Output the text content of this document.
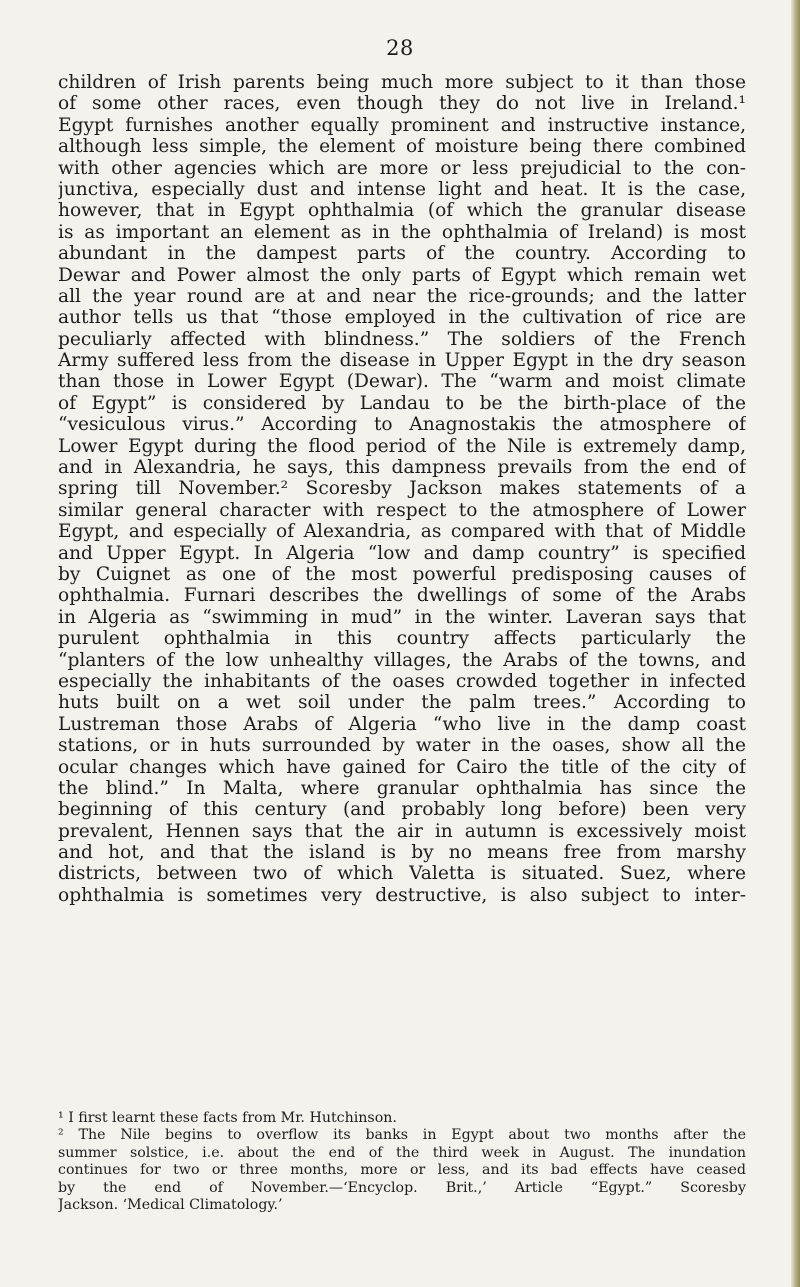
28
children of Irish parents being much more subject to it than those
of some other races, even though they do not live in Ireland.¹
Egypt furnishes another equally prominent and instructive instance,
although less simple, the element of moisture being there combined
with other agencies which are more or less prejudicial to the con-
junctiva, especially dust and intense light and heat. It is the case,
however, that in Egypt ophthalmia (of which the granular disease
is as important an element as in the ophthalmia of Ireland) is most
abundant in the dampest parts of the country. According to
Dewar and Power almost the only parts of Egypt which remain wet
all the year round are at and near the rice-grounds; and the latter
author tells us that “those employed in the cultivation of rice are
peculiarly affected with blindness.” The soldiers of the French
Army suffered less from the disease in Upper Egypt in the dry season
than those in Lower Egypt (Dewar). The “warm and moist climate
of Egypt” is considered by Landau to be the birth-place of the
“vesiculous virus.” According to Anagnostakis the atmosphere of
Lower Egypt during the flood period of the Nile is extremely damp,
and in Alexandria, he says, this dampness prevails from the end of
spring till November.² Scoresby Jackson makes statements of a
similar general character with respect to the atmosphere of Lower
Egypt, and especially of Alexandria, as compared with that of Middle
and Upper Egypt. In Algeria “low and damp country” is specified
by Cuignet as one of the most powerful predisposing causes of
ophthalmia. Furnari describes the dwellings of some of the Arabs
in Algeria as “swimming in mud” in the winter. Laveran says that
purulent ophthalmia in this country affects particularly the
“planters of the low unhealthy villages, the Arabs of the towns, and
especially the inhabitants of the oases crowded together in infected
huts built on a wet soil under the palm trees.” According to
Lustreman those Arabs of Algeria “who live in the damp coast
stations, or in huts surrounded by water in the oases, show all the
ocular changes which have gained for Cairo the title of the city of
the blind.” In Malta, where granular ophthalmia has since the
beginning of this century (and probably long before) been very
prevalent, Hennen says that the air in autumn is excessively moist
and hot, and that the island is by no means free from marshy
districts, between two of which Valetta is situated. Suez, where
ophthalmia is sometimes very destructive, is also subject to inter-
¹ I first learnt these facts from Mr. Hutchinson.
² The Nile begins to overflow its banks in Egypt about two months after the
summer solstice, i.e. about the end of the third week in August. The inundation
continues for two or three months, more or less, and its bad effects have ceased
by the end of November.—‘Encyclop. Brit.,’ Article “Egypt.” Scoresby
Jackson. ‘Medical Climatology.’
